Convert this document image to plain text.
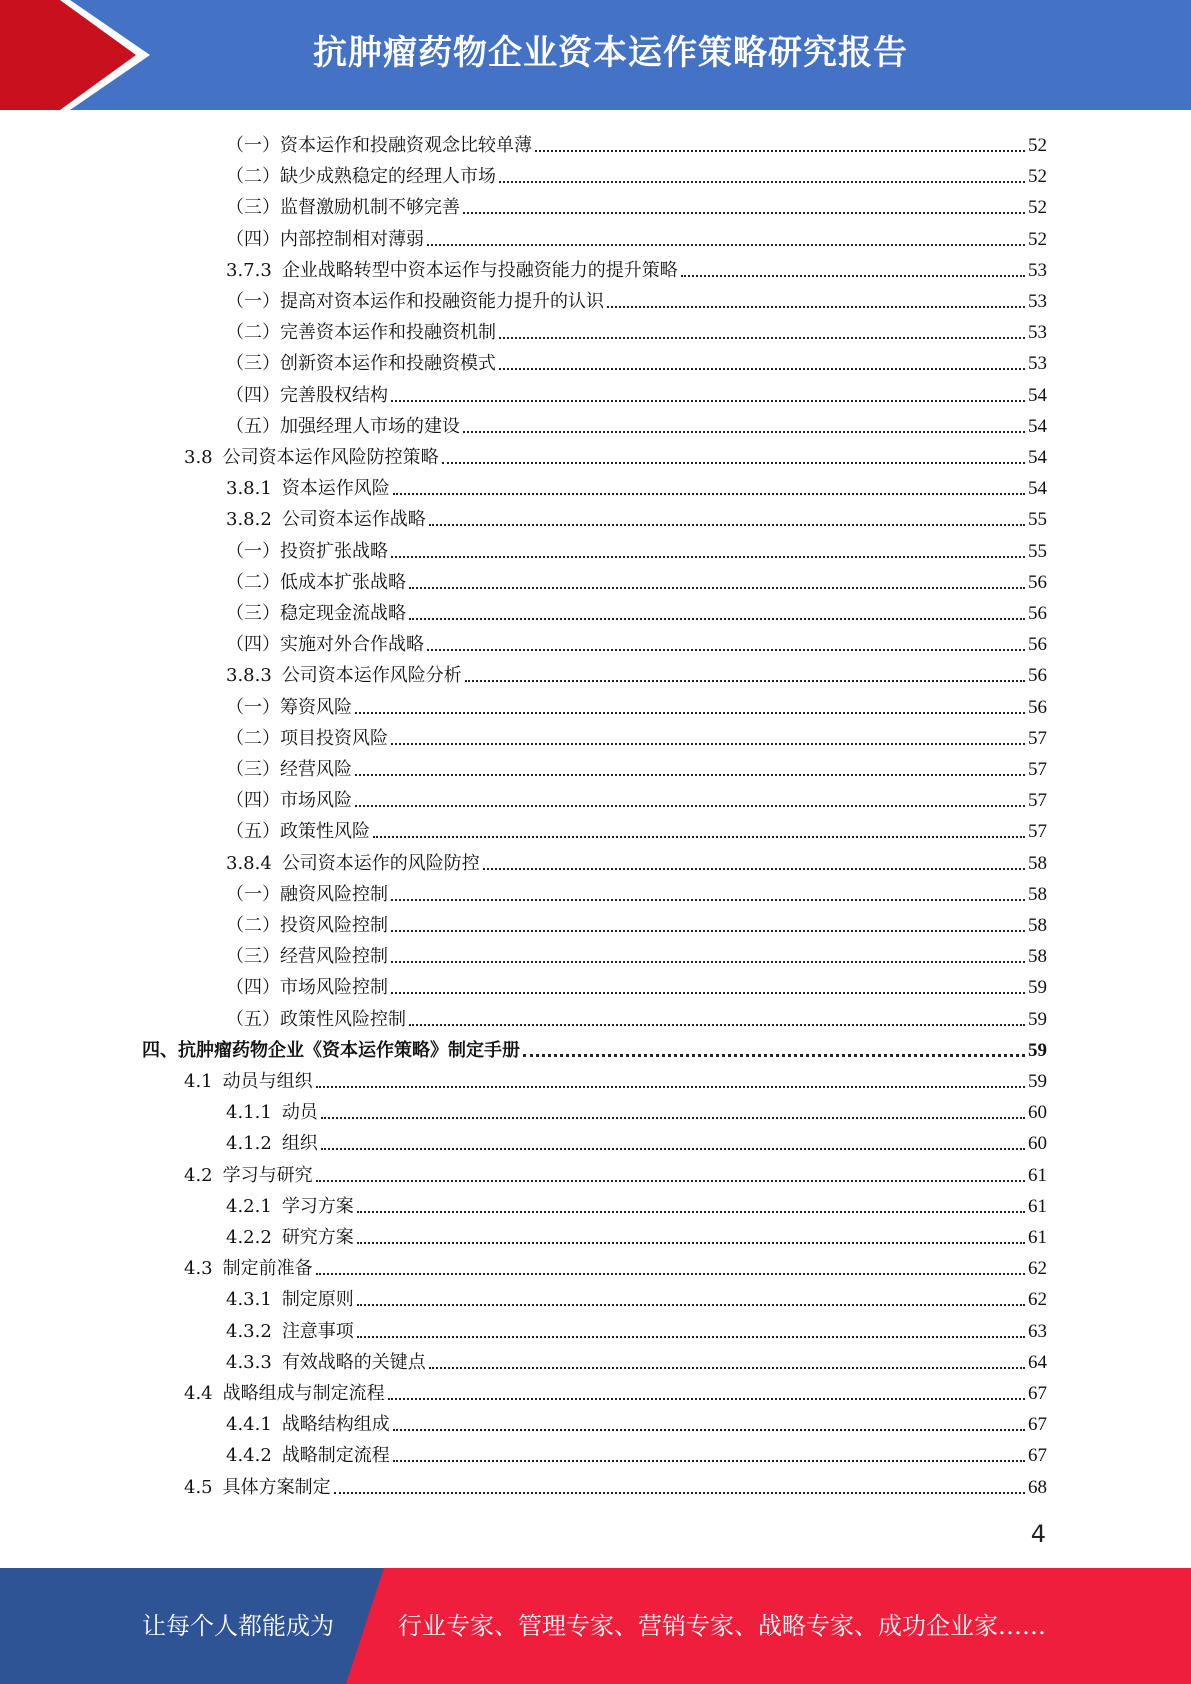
抗肿瘤药物企业资本运作策略研究报告
（一）资本运作和投融资观念比较单薄	52
（二）缺少成熟稳定的经理人市场	52
（三）监督激励机制不够完善	52
（四）内部控制相对薄弱	52
3.7.3 企业战略转型中资本运作与投融资能力的提升策略	53
（一）提高对资本运作和投融资能力提升的认识	53
（二）完善资本运作和投融资机制	53
（三）创新资本运作和投融资模式	53
（四）完善股权结构	54
（五）加强经理人市场的建设	54
3.8 公司资本运作风险防控策略	54
3.8.1 资本运作风险	54
3.8.2 公司资本运作战略	55
（一）投资扩张战略	55
（二）低成本扩张战略	56
（三）稳定现金流战略	56
（四）实施对外合作战略	56
3.8.3 公司资本运作风险分析	56
（一）筹资风险	56
（二）项目投资风险	57
（三）经营风险	57
（四）市场风险	57
（五）政策性风险	57
3.8.4 公司资本运作的风险防控	58
（一）融资风险控制	58
（二）投资风险控制	58
（三）经营风险控制	58
（四）市场风险控制	59
（五）政策性风险控制	59
四、抗肿瘤药物企业《资本运作策略》制定手册	59
4.1 动员与组织	59
4.1.1 动员	60
4.1.2 组织	60
4.2 学习与研究	61
4.2.1 学习方案	61
4.2.2 研究方案	61
4.3 制定前准备	62
4.3.1 制定原则	62
4.3.2 注意事项	63
4.3.3 有效战略的关键点	64
4.4 战略组成与制定流程	67
4.4.1 战略结构组成	67
4.4.2 战略制定流程	67
4.5 具体方案制定	68
4
让每个人都能成为	行业专家、管理专家、营销专家、战略专家、成功企业家……
